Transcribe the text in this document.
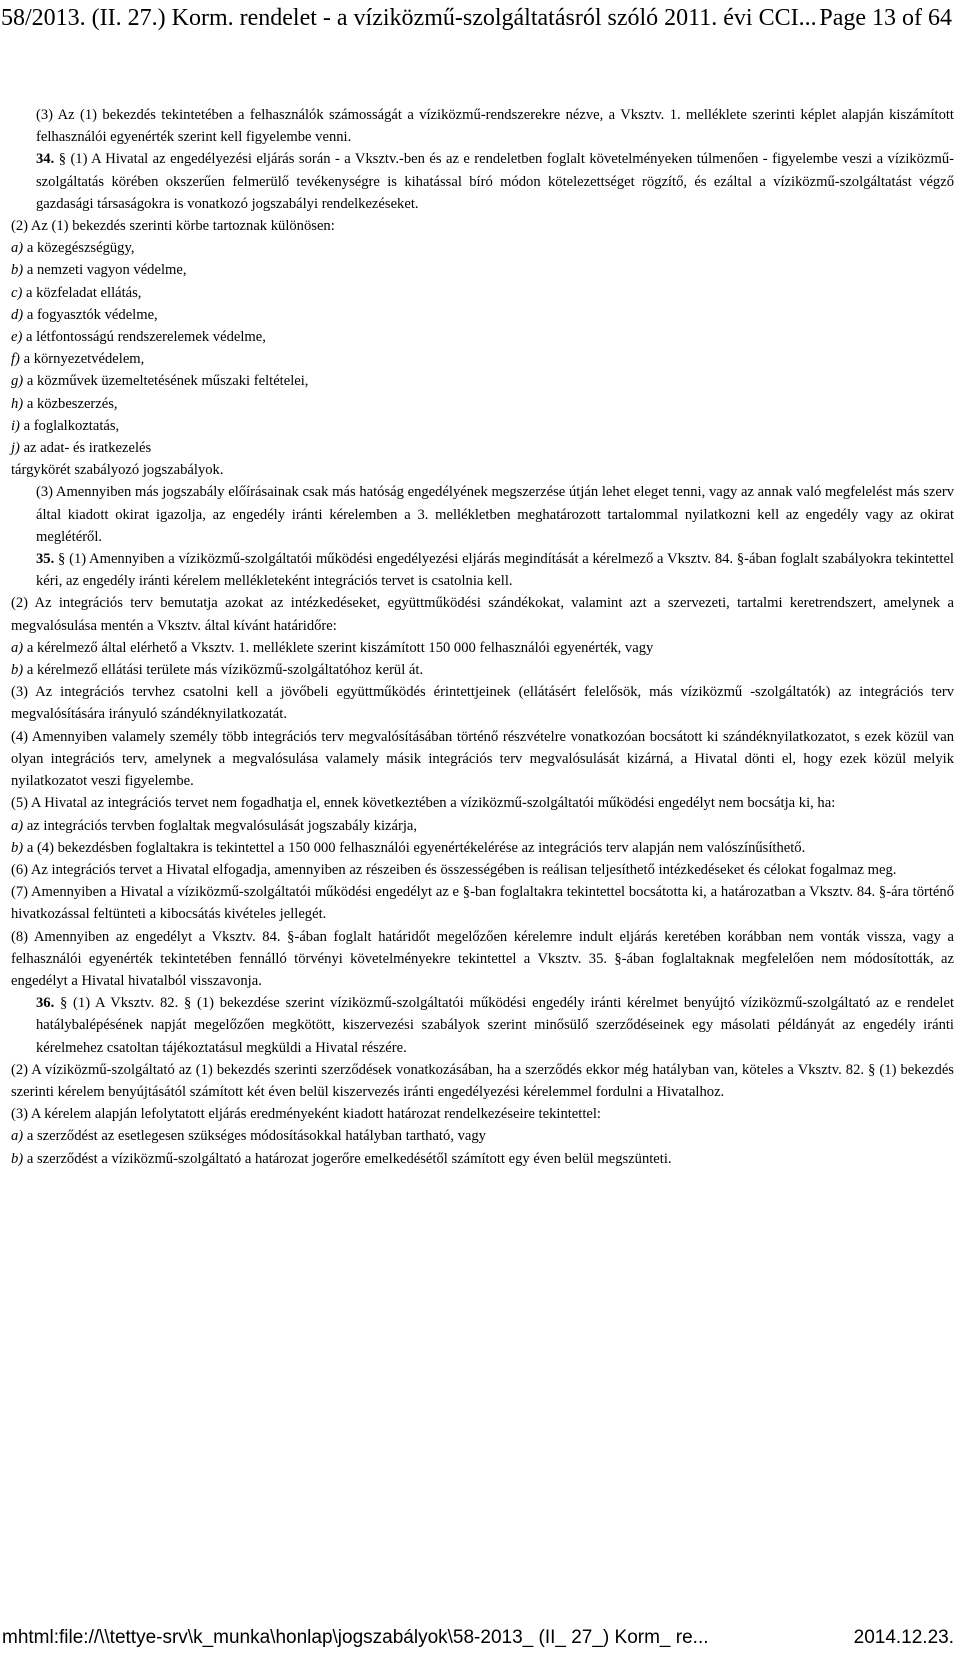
58/2013. (II. 27.) Korm. rendelet - a víziközmű-szolgáltatásról szóló 2011. évi CCI... Page 13 of 64

(3) Az (1) bekezdés tekintetében a felhasználók számosságát a víziközmű-rendszerekre nézve, a Vksztv. 1. melléklete szerinti képlet alapján kiszámított felhasználói egyenérték szerint kell figyelembe venni.

34. § (1) A Hivatal az engedélyezési eljárás során - a Vksztv.-ben és az e rendeletben foglalt követelményeken túlmenően - figyelembe veszi a víziközmű-szolgáltatás körében okszerűen felmerülő tevékenységre is kihatással bíró módon kötelezettséget rögzítő, és ezáltal a víziközmű-szolgáltatást végző gazdasági társaságokra is vonatkozó jogszabályi rendelkezéseket.

(2) Az (1) bekezdés szerinti körbe tartoznak különösen:

a) a közegészségügy,

b) a nemzeti vagyon védelme,

c) a közfeladat ellátás,

d) a fogyasztók védelme,

e) a létfontosságú rendszerelemek védelme,

f) a környezetvédelem,

g) a közművek üzemeltetésének műszaki feltételei,

h) a közbeszerzés,

i) a foglalkoztatás,

j) az adat- és iratkezelés

tárgykörét szabályozó jogszabályok.

(3) Amennyiben más jogszabály előírásainak csak más hatóság engedélyének megszerzése útján lehet eleget tenni, vagy az annak való megfelelést más szerv által kiadott okirat igazolja, az engedély iránti kérelemben a 3. mellékletben meghatározott tartalommal nyilatkozni kell az engedély vagy az okirat meglétéről.

35. § (1) Amennyiben a víziközmű-szolgáltatói működési engedélyezési eljárás megindítását a kérelmező a Vksztv. 84. §-ában foglalt szabályokra tekintettel kéri, az engedély iránti kérelem mellékleteként integrációs tervet is csatolnia kell.

(2) Az integrációs terv bemutatja azokat az intézkedéseket, együttműködési szándékokat, valamint azt a szervezeti, tartalmi keretrendszert, amelynek a megvalósulása mentén a Vksztv. által kívánt határidőre:

a) a kérelmező által elérhető a Vksztv. 1. melléklete szerint kiszámított 150 000 felhasználói egyenérték, vagy

b) a kérelmező ellátási területe más víziközmű-szolgáltatóhoz kerül át.

(3) Az integrációs tervhez csatolni kell a jövőbeli együttműködés érintettjeinek (ellátásért felelősök, más víziközmű -szolgáltatók) az integrációs terv megvalósítására irányuló szándéknyilatkozatát.

(4) Amennyiben valamely személy több integrációs terv megvalósításában történő részvételre vonatkozóan bocsátott ki szándéknyilatkozatot, s ezek közül van olyan integrációs terv, amelynek a megvalósulása valamely másik integrációs terv megvalósulását kizárná, a Hivatal dönti el, hogy ezek közül melyik nyilatkozatot veszi figyelembe.

(5) A Hivatal az integrációs tervet nem fogadhatja el, ennek következtében a víziközmű-szolgáltatói működési engedélyt nem bocsátja ki, ha:

a) az integrációs tervben foglaltak megvalósulását jogszabály kizárja,

b) a (4) bekezdésben foglaltakra is tekintettel a 150 000 felhasználói egyenértékelérése az integrációs terv alapján nem valószínűsíthető.

(6) Az integrációs tervet a Hivatal elfogadja, amennyiben az részeiben és összességében is reálisan teljesíthető intézkedéseket és célokat fogalmaz meg.

(7) Amennyiben a Hivatal a víziközmű-szolgáltatói működési engedélyt az e §-ban foglaltakra tekintettel bocsátotta ki, a határozatban a Vksztv. 84. §-ára történő hivatkozással feltünteti a kibocsátás kivételes jellegét.

(8) Amennyiben az engedélyt a Vksztv. 84. §-ában foglalt határidőt megelőzően kérelemre indult eljárás keretében korábban nem vonták vissza, vagy a felhasználói egyenérték tekintetében fennálló törvényi követelményekre tekintettel a Vksztv. 35. §-ában foglaltaknak megfelelően nem módosították, az engedélyt a Hivatal hivatalból visszavonja.

36. § (1) A Vksztv. 82. § (1) bekezdése szerint víziközmű-szolgáltatói működési engedély iránti kérelmet benyújtó víziközmű-szolgáltató az e rendelet hatálybalépésének napját megelőzően megkötött, kiszervezési szabályok szerint minősülő szerződéseinek egy másolati példányát az engedély iránti kérelmehez csatoltan tájékoztatásul megküldi a Hivatal részére.

(2) A víziközmű-szolgáltató az (1) bekezdés szerinti szerződések vonatkozásában, ha a szerződés ekkor még hatályban van, köteles a Vksztv. 82. § (1) bekezdés szerinti kérelem benyújtásától számított két éven belül kiszervezés iránti engedélyezési kérelemmel fordulni a Hivatalhoz.

(3) A kérelem alapján lefolytatott eljárás eredményeként kiadott határozat rendelkezéseire tekintettel:

a) a szerződést az esetlegesen szükséges módosításokkal hatályban tartható, vagy

b) a szerződést a víziközmű-szolgáltató a határozat jogerőre emelkedésétől számított egy éven belül megszünteti.

mhtml:file://\\tettye-srv\k_munka\honlap\jogszabályok\58-2013_ (II_ 27_) Korm_ re...	2014.12.23.
